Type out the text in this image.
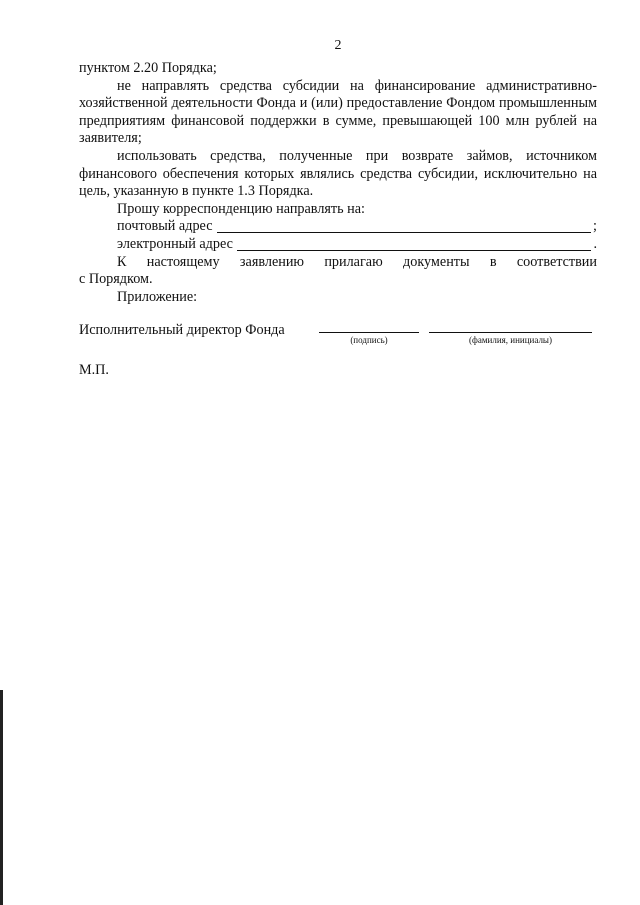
2

пунктом 2.20 Порядка;

не направлять средства субсидии на финансирование административно-хозяйственной деятельности Фонда и (или) предоставление Фондом промышленным предприятиям финансовой поддержки в сумме, превышающей 100 млн рублей на заявителя;

использовать средства, полученные при возврате займов, источником финансового обеспечения которых являлись средства субсидии, исключительно на цель, указанную в пункте 1.3 Порядка.

Прошу корреспонденцию направлять на:

почтовый адрес	;
электронный адрес	.

К настоящему заявлению прилагаю документы в соответствии

с Порядком.

Приложение:

Исполнительный директор Фонда
(подпись)	(фамилия, инициалы)
М.П.
